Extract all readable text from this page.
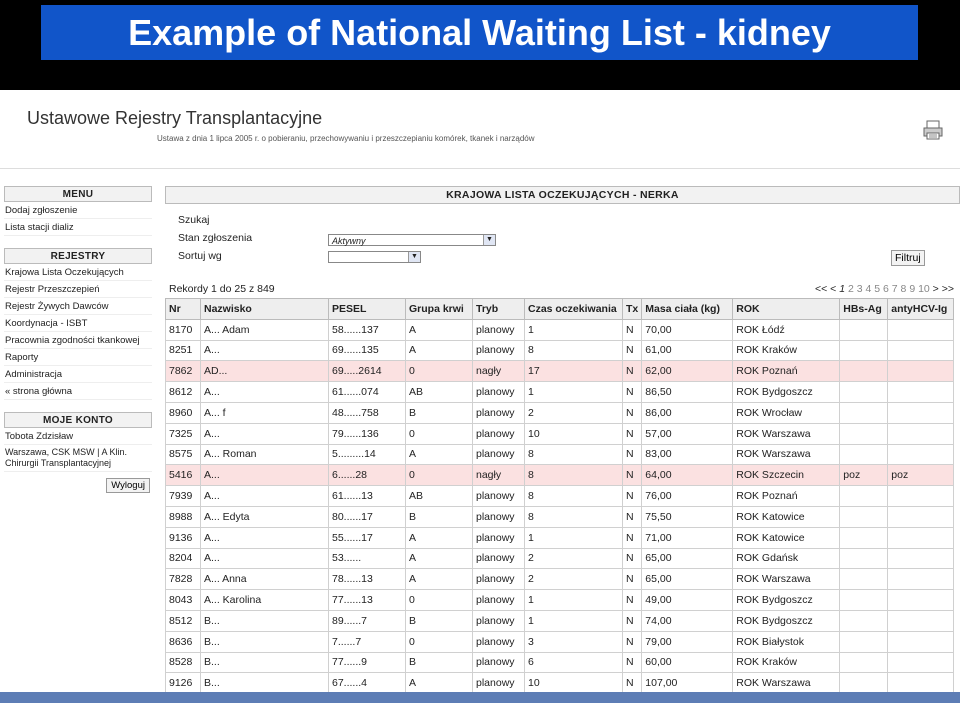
Example of National Waiting List - kidney
Ustawowe Rejestry Transplantacyjne
Ustawa z dnia 1 lipca 2005 r. o pobieraniu, przechowywaniu i przeszczepianiu komórek, tkanek i narządów
MENU
Dodaj zgłoszenie
Lista stacji dializ
REJESTRY
Krajowa Lista Oczekujących
Rejestr Przeszczepień
Rejestr Żywych Dawców
Koordynacja - ISBT
Pracownia zgodności tkankowej
Raporty
Administracja
« strona główna
MOJE KONTO
Tobota Zdzisław
Warszawa, CSK MSW | A Klin. Chirurgii Transplantacyjnej
Wyloguj
KRAJOWA LISTA OCZEKUJĄCYCH - NERKA
Szukaj
Stan zgłoszenia	Aktywny	▼
Sortuj wg	▼	Filtruj
Rekordy 1 do 25 z 849	<< < 1 2 3 4 5 6 7 8 9 10 > >>
Nr	Nazwisko	PESEL	Grupa krwi	Tryb	Czas oczekiwania	Tx	Masa ciała (kg)	ROK	HBs-Ag	antyHCV-Ig
8170	A... Adam	58......137	A	planowy	1	N	70,00	ROK Łódź		
8251	A...	69......135	A	planowy	8	N	61,00	ROK Kraków		
7862	AD...	69.....2614	0	nagły	17	N	62,00	ROK Poznań		
8612	A...	61......074	AB	planowy	1	N	86,50	ROK Bydgoszcz		
8960	A... f	48......758	B	planowy	2	N	86,00	ROK Wrocław		
7325	A...	79......136	0	planowy	10	N	57,00	ROK Warszawa		
8575	A... Roman	5.........14	A	planowy	8	N	83,00	ROK Warszawa		
5416	A...	6......28	0	nagły	8	N	64,00	ROK Szczecin	poz	poz
7939	A...	61......13	AB	planowy	8	N	76,00	ROK Poznań		
8988	A... Edyta	80......17	B	planowy	8	N	75,50	ROK Katowice		
9136	A...	55......17	A	planowy	1	N	71,00	ROK Katowice		
8204	A...	53......	A	planowy	2	N	65,00	ROK Gdańsk		
7828	A... Anna	78......13	A	planowy	2	N	65,00	ROK Warszawa		
8043	A... Karolina	77......13	0	planowy	1	N	49,00	ROK Bydgoszcz		
8512	B...	89......7	B	planowy	1	N	74,00	ROK Bydgoszcz		
8636	B...	7......7	0	planowy	3	N	79,00	ROK Białystok		
8528	B...	77......9	B	planowy	6	N	60,00	ROK Kraków		
9126	B...	67......4	A	planowy	10	N	107,00	ROK Warszawa		
